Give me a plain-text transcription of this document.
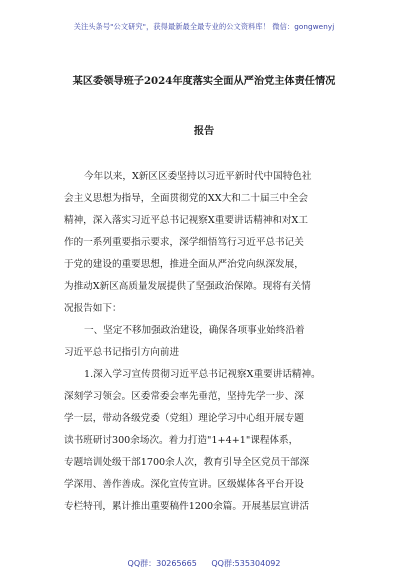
关注头条号"公文研究"，获得最新最全最专业的公文资料库！ 微信：gongwenyj
某区委领导班子2024年度落实全面从严治党主体责任情况
报告
今年以来，X新区区委坚持以习近平新时代中国特色社
会主义思想为指导，全面贯彻党的XX大和二十届三中全会
精神，深入落实习近平总书记视察X重要讲话精神和对X工
作的一系列重要指示要求，深学细悟笃行习近平总书记关
于党的建设的重要思想，推进全面从严治党向纵深发展，
为推动X新区高质量发展提供了坚强政治保障。现将有关情
况报告如下：
一、坚定不移加强政治建设，确保各项事业始终沿着
习近平总书记指引方向前进
1.深入学习宣传贯彻习近平总书记视察X重要讲话精神。
深刻学习领会。区委常委会率先垂范，坚持先学一步、深
学一层，带动各级党委（党组）理论学习中心组开展专题
读书班研讨300余场次。着力打造"1+4+1"课程体系，
专题培训处级干部1700余人次，教育引导全区党员干部深
学深用、善作善成。深化宣传宣讲。区级媒体各平台开设
专栏特刊，累计推出重要稿件1200余篇。开展基层宣讲活
QQ群：30265665 QQ群:535304092
